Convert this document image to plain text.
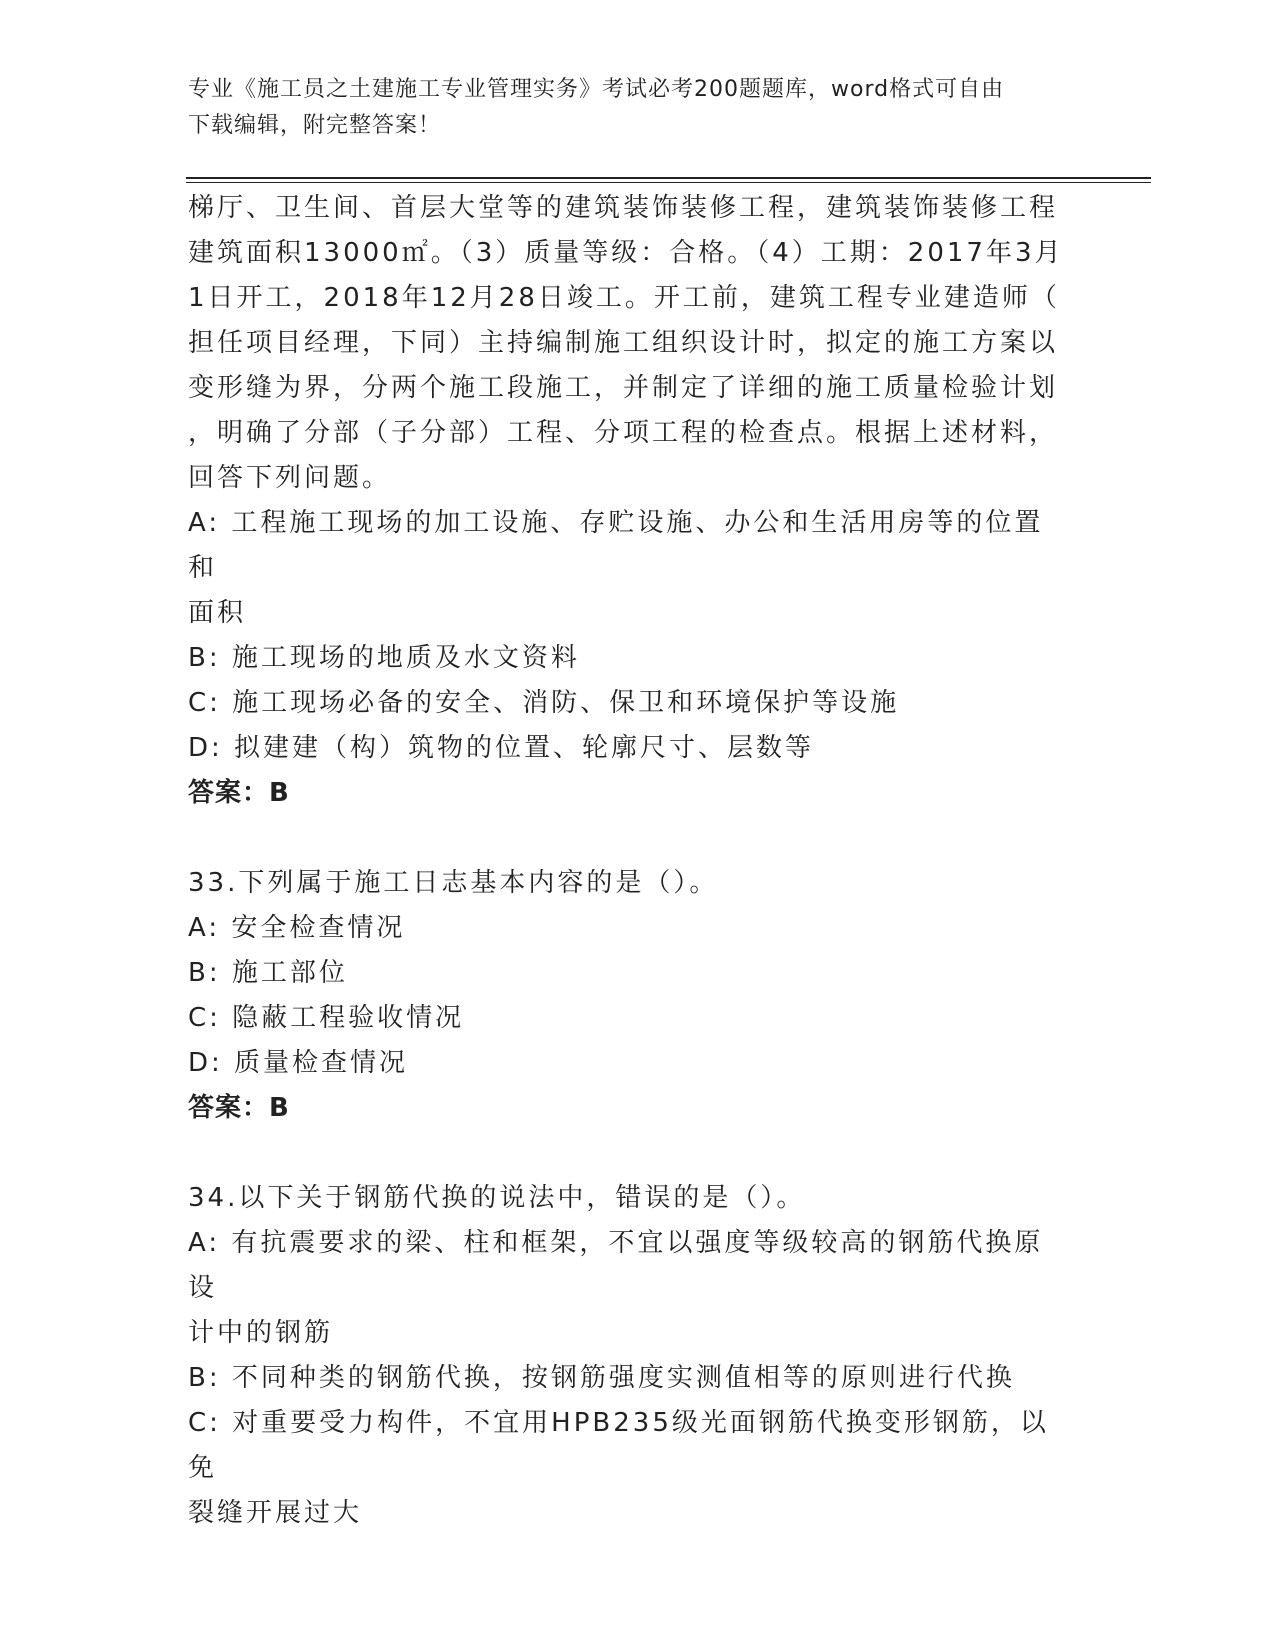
专业《施工员之土建施工专业管理实务》考试必考200题题库，word格式可自由
下载编辑，附完整答案！

梯厅、卫生间、首层大堂等的建筑装饰装修工程，建筑装饰装修工程

建筑面积13000㎡。（3）质量等级：合格。（4）工期：2017年3月

1日开工，2018年12月28日竣工。开工前，建筑工程专业建造师（

担任项目经理，下同）主持编制施工组织设计时，拟定的施工方案以

变形缝为界，分两个施工段施工，并制定了详细的施工质量检验计划

，明确了分部（子分部）工程、分项工程的检查点。根据上述材料，

回答下列问题。

A: 工程施工现场的加工设施、存贮设施、办公和生活用房等的位置和

面积

B: 施工现场的地质及水文资料

C: 施工现场必备的安全、消防、保卫和环境保护等设施

D: 拟建建（构）筑物的位置、轮廓尺寸、层数等

答案：B

33.下列属于施工日志基本内容的是（）。

A: 安全检查情况

B: 施工部位

C: 隐蔽工程验收情况

D: 质量检查情况

答案：B

34.以下关于钢筋代换的说法中，错误的是（）。

A: 有抗震要求的梁、柱和框架，不宜以强度等级较高的钢筋代换原设

计中的钢筋

B: 不同种类的钢筋代换，按钢筋强度实测值相等的原则进行代换

C: 对重要受力构件，不宜用HPB235级光面钢筋代换变形钢筋，以免

裂缝开展过大
